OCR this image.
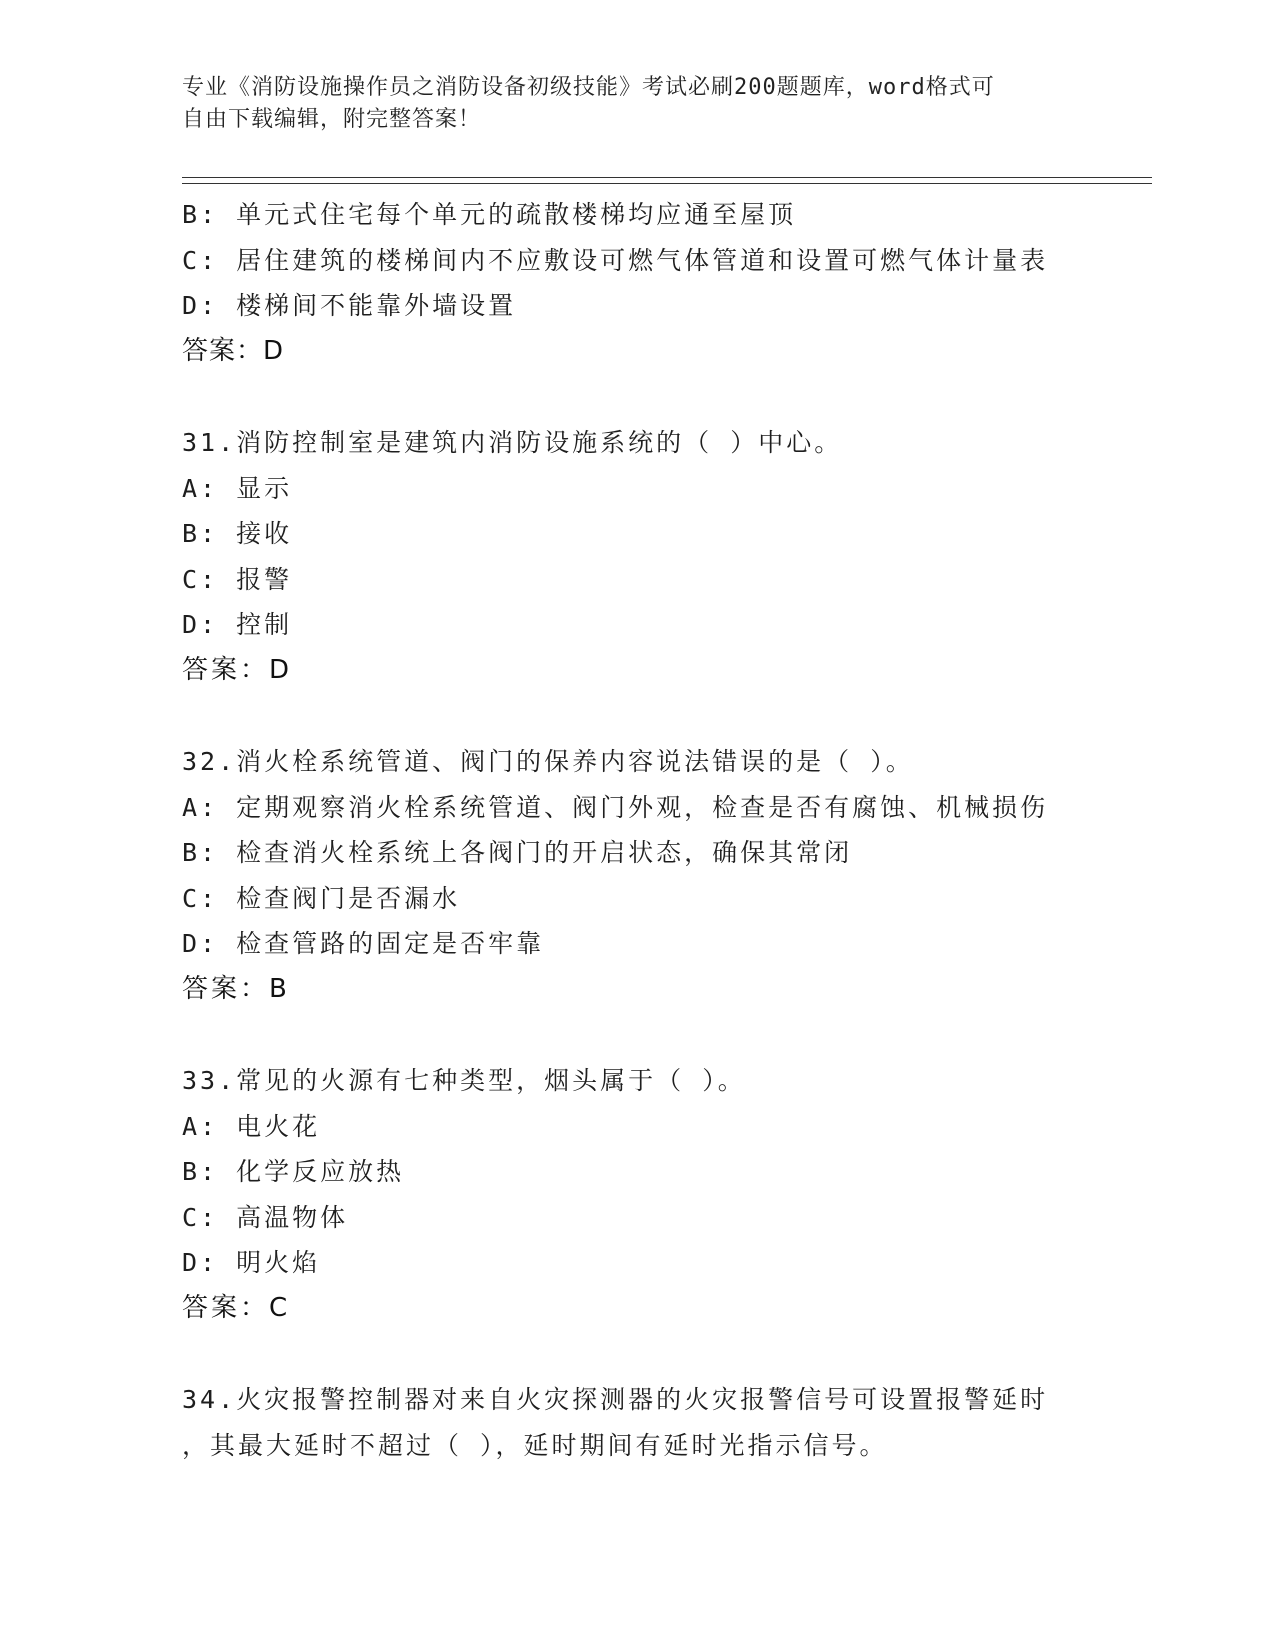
专业《消防设施操作员之消防设备初级技能》考试必刷200题题库，word格式可
自由下载编辑，附完整答案！
B: 单元式住宅每个单元的疏散楼梯均应通至屋顶
C: 居住建筑的楼梯间内不应敷设可燃气体管道和设置可燃气体计量表
D: 楼梯间不能靠外墙设置
答案：D
31.消防控制室是建筑内消防设施系统的（ ）中心。
A: 显示
B: 接收
C: 报警
D: 控制
答案：D
32.消火栓系统管道、阀门的保养内容说法错误的是（ ）。
A: 定期观察消火栓系统管道、阀门外观，检查是否有腐蚀、机械损伤
B: 检查消火栓系统上各阀门的开启状态，确保其常闭
C: 检查阀门是否漏水
D: 检查管路的固定是否牢靠
答案：B
33.常见的火源有七种类型，烟头属于（ ）。
A: 电火花
B: 化学反应放热
C: 高温物体
D: 明火焰
答案：C
34.火灾报警控制器对来自火灾探测器的火灾报警信号可设置报警延时
，其最大延时不超过（ ），延时期间有延时光指示信号。
